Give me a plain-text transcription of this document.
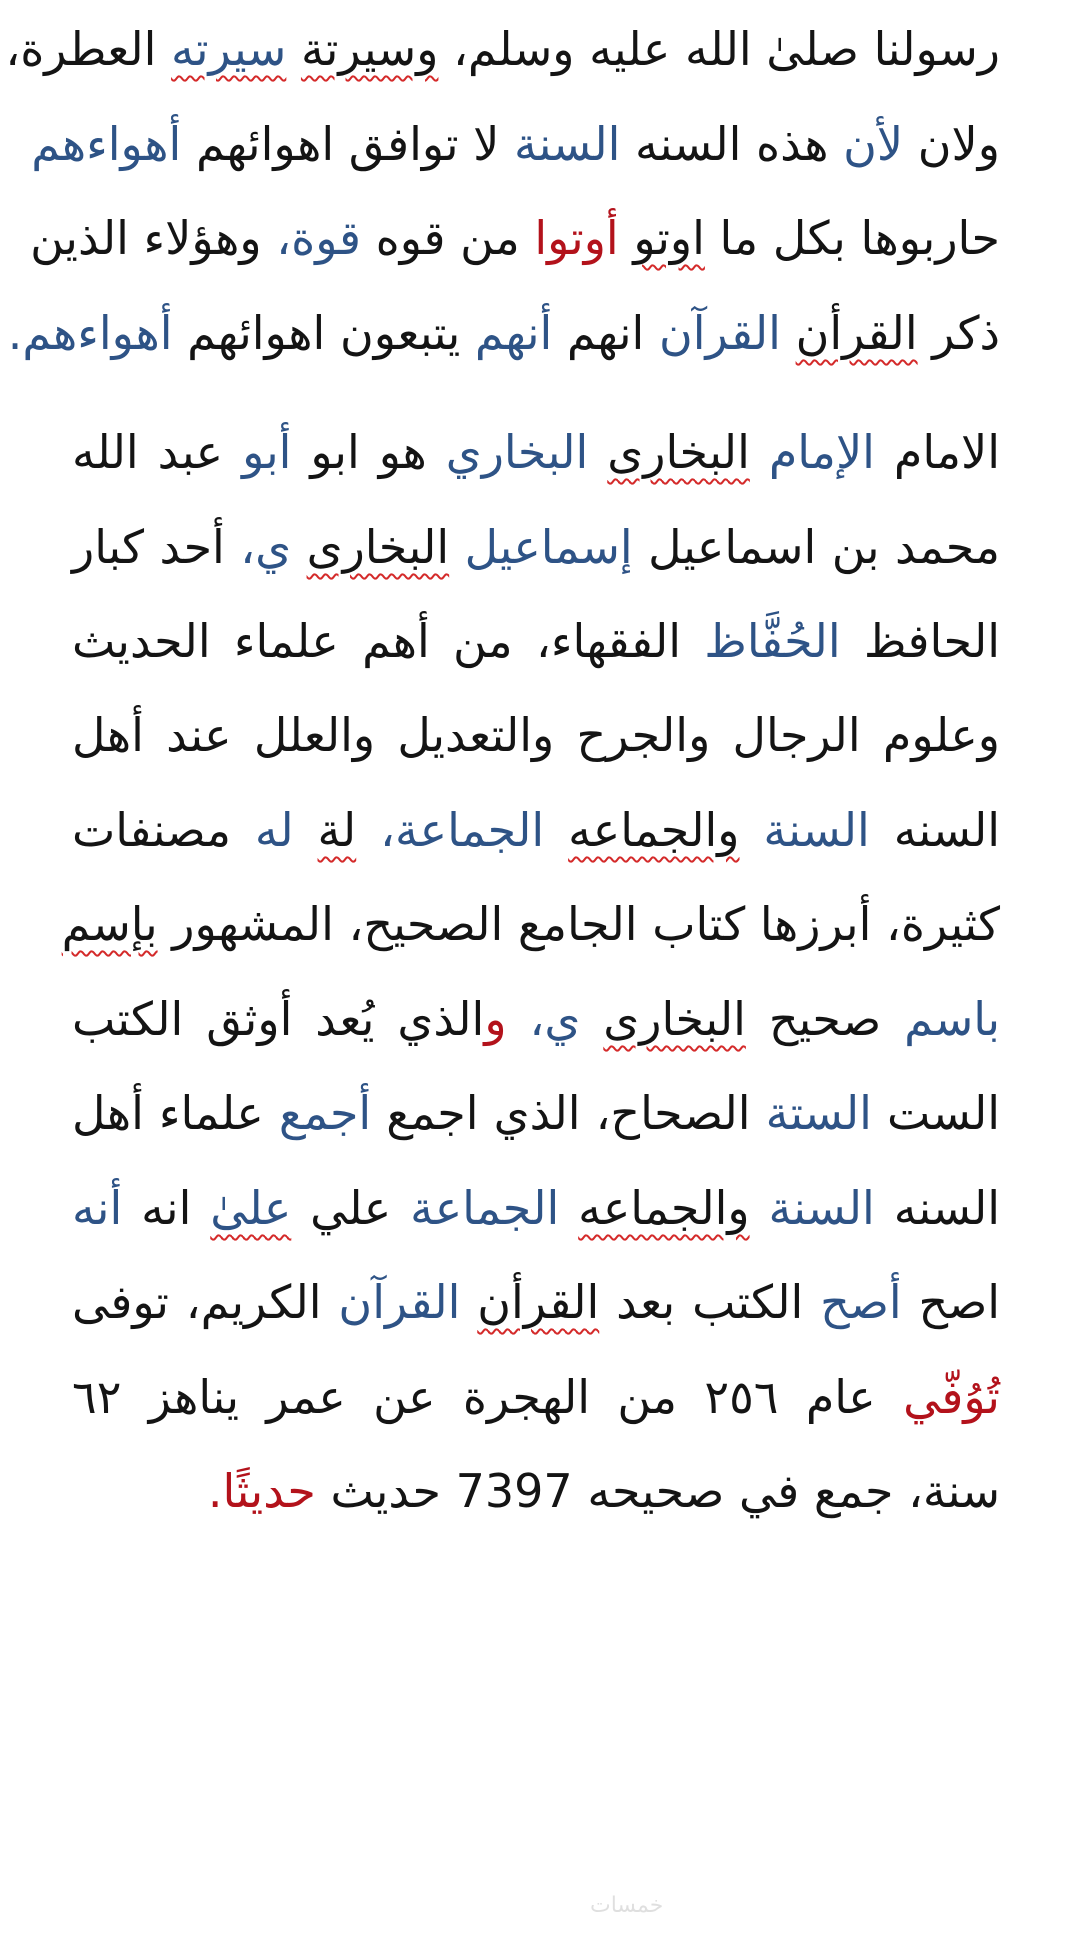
رسولنا صلىٰ الله عليه وسلم، وسيرتة سيرته العطرة،
ولان لأن هذه السنه السنة لا توافق اهوائهم أهواءهم
حاربوها بكل ما اوتو أوتوا من قوه قوة، وهؤلاء الذين
ذكر القرأن القرآن انهم أنهم يتبعون اهوائهم أهواءهم.
الامام الإمام البخارى البخاري هو ابو أبو عبد الله
محمد بن اسماعيل إسماعيل البخارى ي، أحد كبار
الحافظ الحُفَّاظ الفقهاء، من أهم علماء الحديث
وعلوم الرجال والجرح والتعديل والعلل عند أهل
السنه السنة والجماعه الجماعة، لة له مصنفات
كثيرة، أبرزها كتاب الجامع الصحيح، المشهور بإسم
باسم صحيح البخارى ي، والذي يُعد أوثق الكتب
الست الستة الصحاح، الذي اجمع أجمع علماء أهل
السنه السنة والجماعه الجماعة علي علىٰ انه أنه
اصح أصح الكتب بعد القرأن القرآن الكريم، توفى
تُوُفّي عام ٢٥٦ من الهجرة عن عمر يناهز ٦٢
سنة، جمع في صحيحه 7397 حديث حديثًا.
خمسات
